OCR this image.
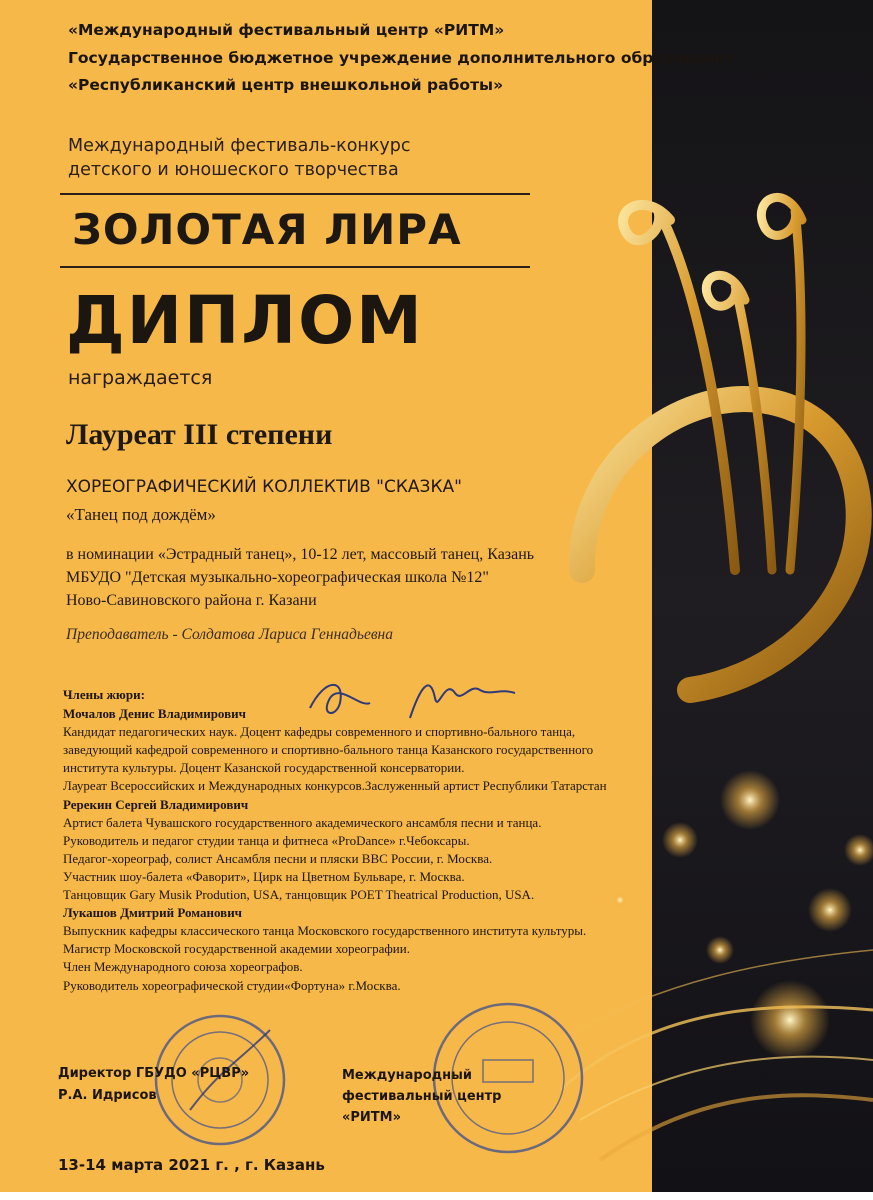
«Международный фестивальный центр «РИТМ»
Государственное бюджетное учреждение дополнительного образования
«Республиканский центр внешкольной работы»
Международный фестиваль-конкурс
детского и юношеского творчества
ЗОЛОТАЯ ЛИРА
ДИПЛОМ
награждается
Лауреат III степени
ХОРЕОГРАФИЧЕСКИЙ КОЛЛЕКТИВ "СКАЗКА"
«Танец под дождём»
в номинации «Эстрадный танец», 10-12 лет, массовый танец, Казань
МБУДО "Детская музыкально-хореографическая школа №12"
Ново-Савиновского района г. Казани
Преподаватель - Солдатова Лариса Геннадьевна
Члены жюри:
Мочалов Денис Владимирович
Кандидат педагогических наук. Доцент кафедры современного и спортивно-бального танца,
заведующий кафедрой современного и спортивно-бального танца Казанского государственного
института культуры. Доцент Казанской государственной консерватории.
Лауреат Всероссийских и Международных конкурсов.Заслуженный артист Республики Татарстан
Ререкин Сергей Владимирович
Артист балета Чувашского государственного академического ансамбля песни и танца.
Руководитель и педагог студии танца и фитнеса «ProDance» г.Чебоксары.
Педагог-хореограф, солист Ансамбля песни и пляски ВВС России, г. Москва.
Участник шоу-балета «Фаворит», Цирк на Цветном Бульваре, г. Москва.
Танцовщик Gary Musik Prodution, USA, танцовщик POET Theatrical Production, USA.
Лукашов Дмитрий Романович
Выпускник кафедры классического танца Московского государственного института культуры.
Магистр Московской государственной академии хореографии.
Член Международного союза хореографов.
Руководитель хореографической студии«Фортуна» г.Москва.
Директор ГБУДО «РЦВР»
Р.А. Идрисов
Международный
фестивальный центр
«РИТМ»
13-14 марта 2021 г. , г. Казань
